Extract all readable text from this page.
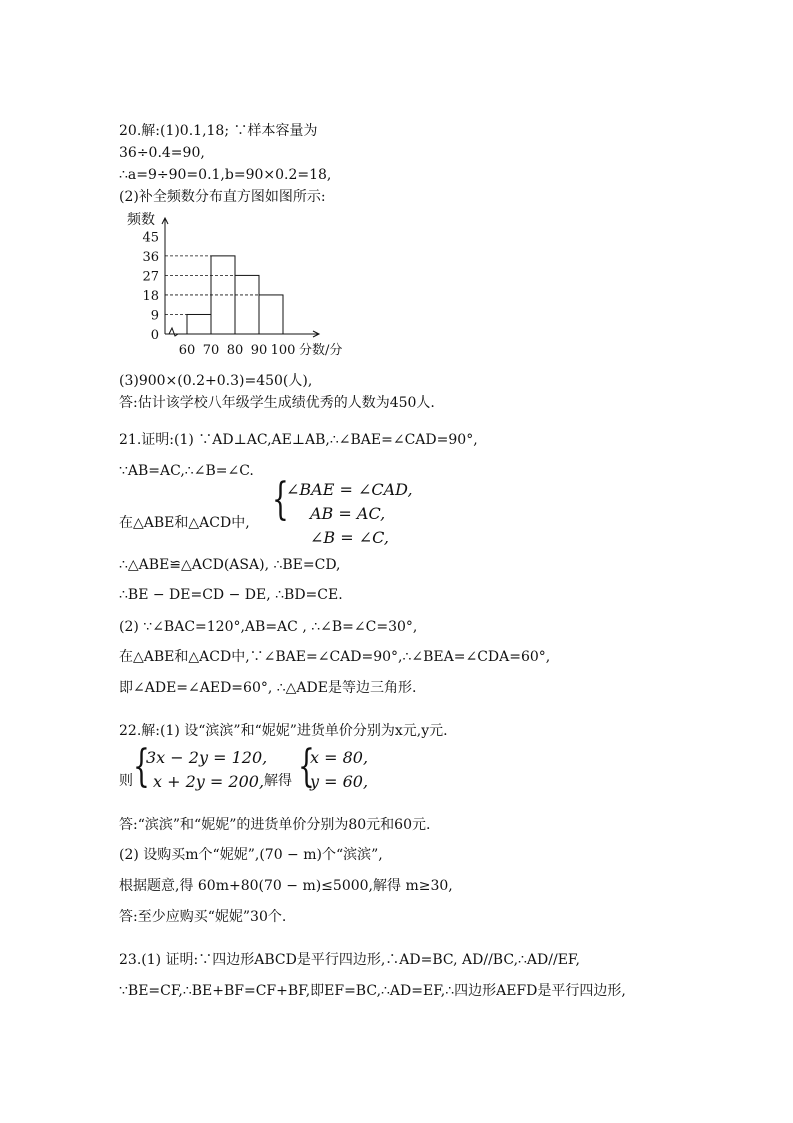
20.解:(1)0.1,18; ∵样本容量为
36÷0.4=90,
∴a=9÷90=0.1,b=90×0.2=18,
(2)补全频数分布直方图如图所示:
频数
0
9
18
27
36
45
60 70 80 90 100 分数/分
(3)900×(0.2+0.3)=450(人),
答:估计该学校八年级学生成绩优秀的人数为450人.
21.证明:(1) ∵AD⊥AC,AE⊥AB,∴∠BAE=∠CAD=90°,
∵AB=AC,∴∠B=∠C.
在△ABE和△ACD中, {
∠BAE = ∠CAD,
AB = AC,
∠B = ∠C,
∴△ABE≌△ACD(ASA), ∴BE=CD,
∴BE − DE=CD − DE, ∴BD=CE.
(2) ∵∠BAC=120°,AB=AC , ∴∠B=∠C=30°,
在△ABE和△ACD中,∵∠BAE=∠CAD=90°,∴∠BEA=∠CDA=60°,
即∠ADE=∠AED=60°, ∴△ADE是等边三角形.
22.解:(1) 设“滨滨”和“妮妮”进货单价分别为x元,y元.
则 {
3x − 2y = 120,
x + 2y = 200, 解得 {
x = 80,
y = 60,
答:“滨滨”和“妮妮”的进货单价分别为80元和60元.
(2) 设购买m个“妮妮”,(70 − m)个“滨滨”,
根据题意,得 60m+80(70 − m)≤5000,解得 m≥30,
答:至少应购买“妮妮”30个.
23.(1) 证明:∵四边形ABCD是平行四边形,∴AD=BC, AD//BC,∴AD//EF,
∵BE=CF,∴BE+BF=CF+BF,即EF=BC,∴AD=EF,∴四边形AEFD是平行四边形,
